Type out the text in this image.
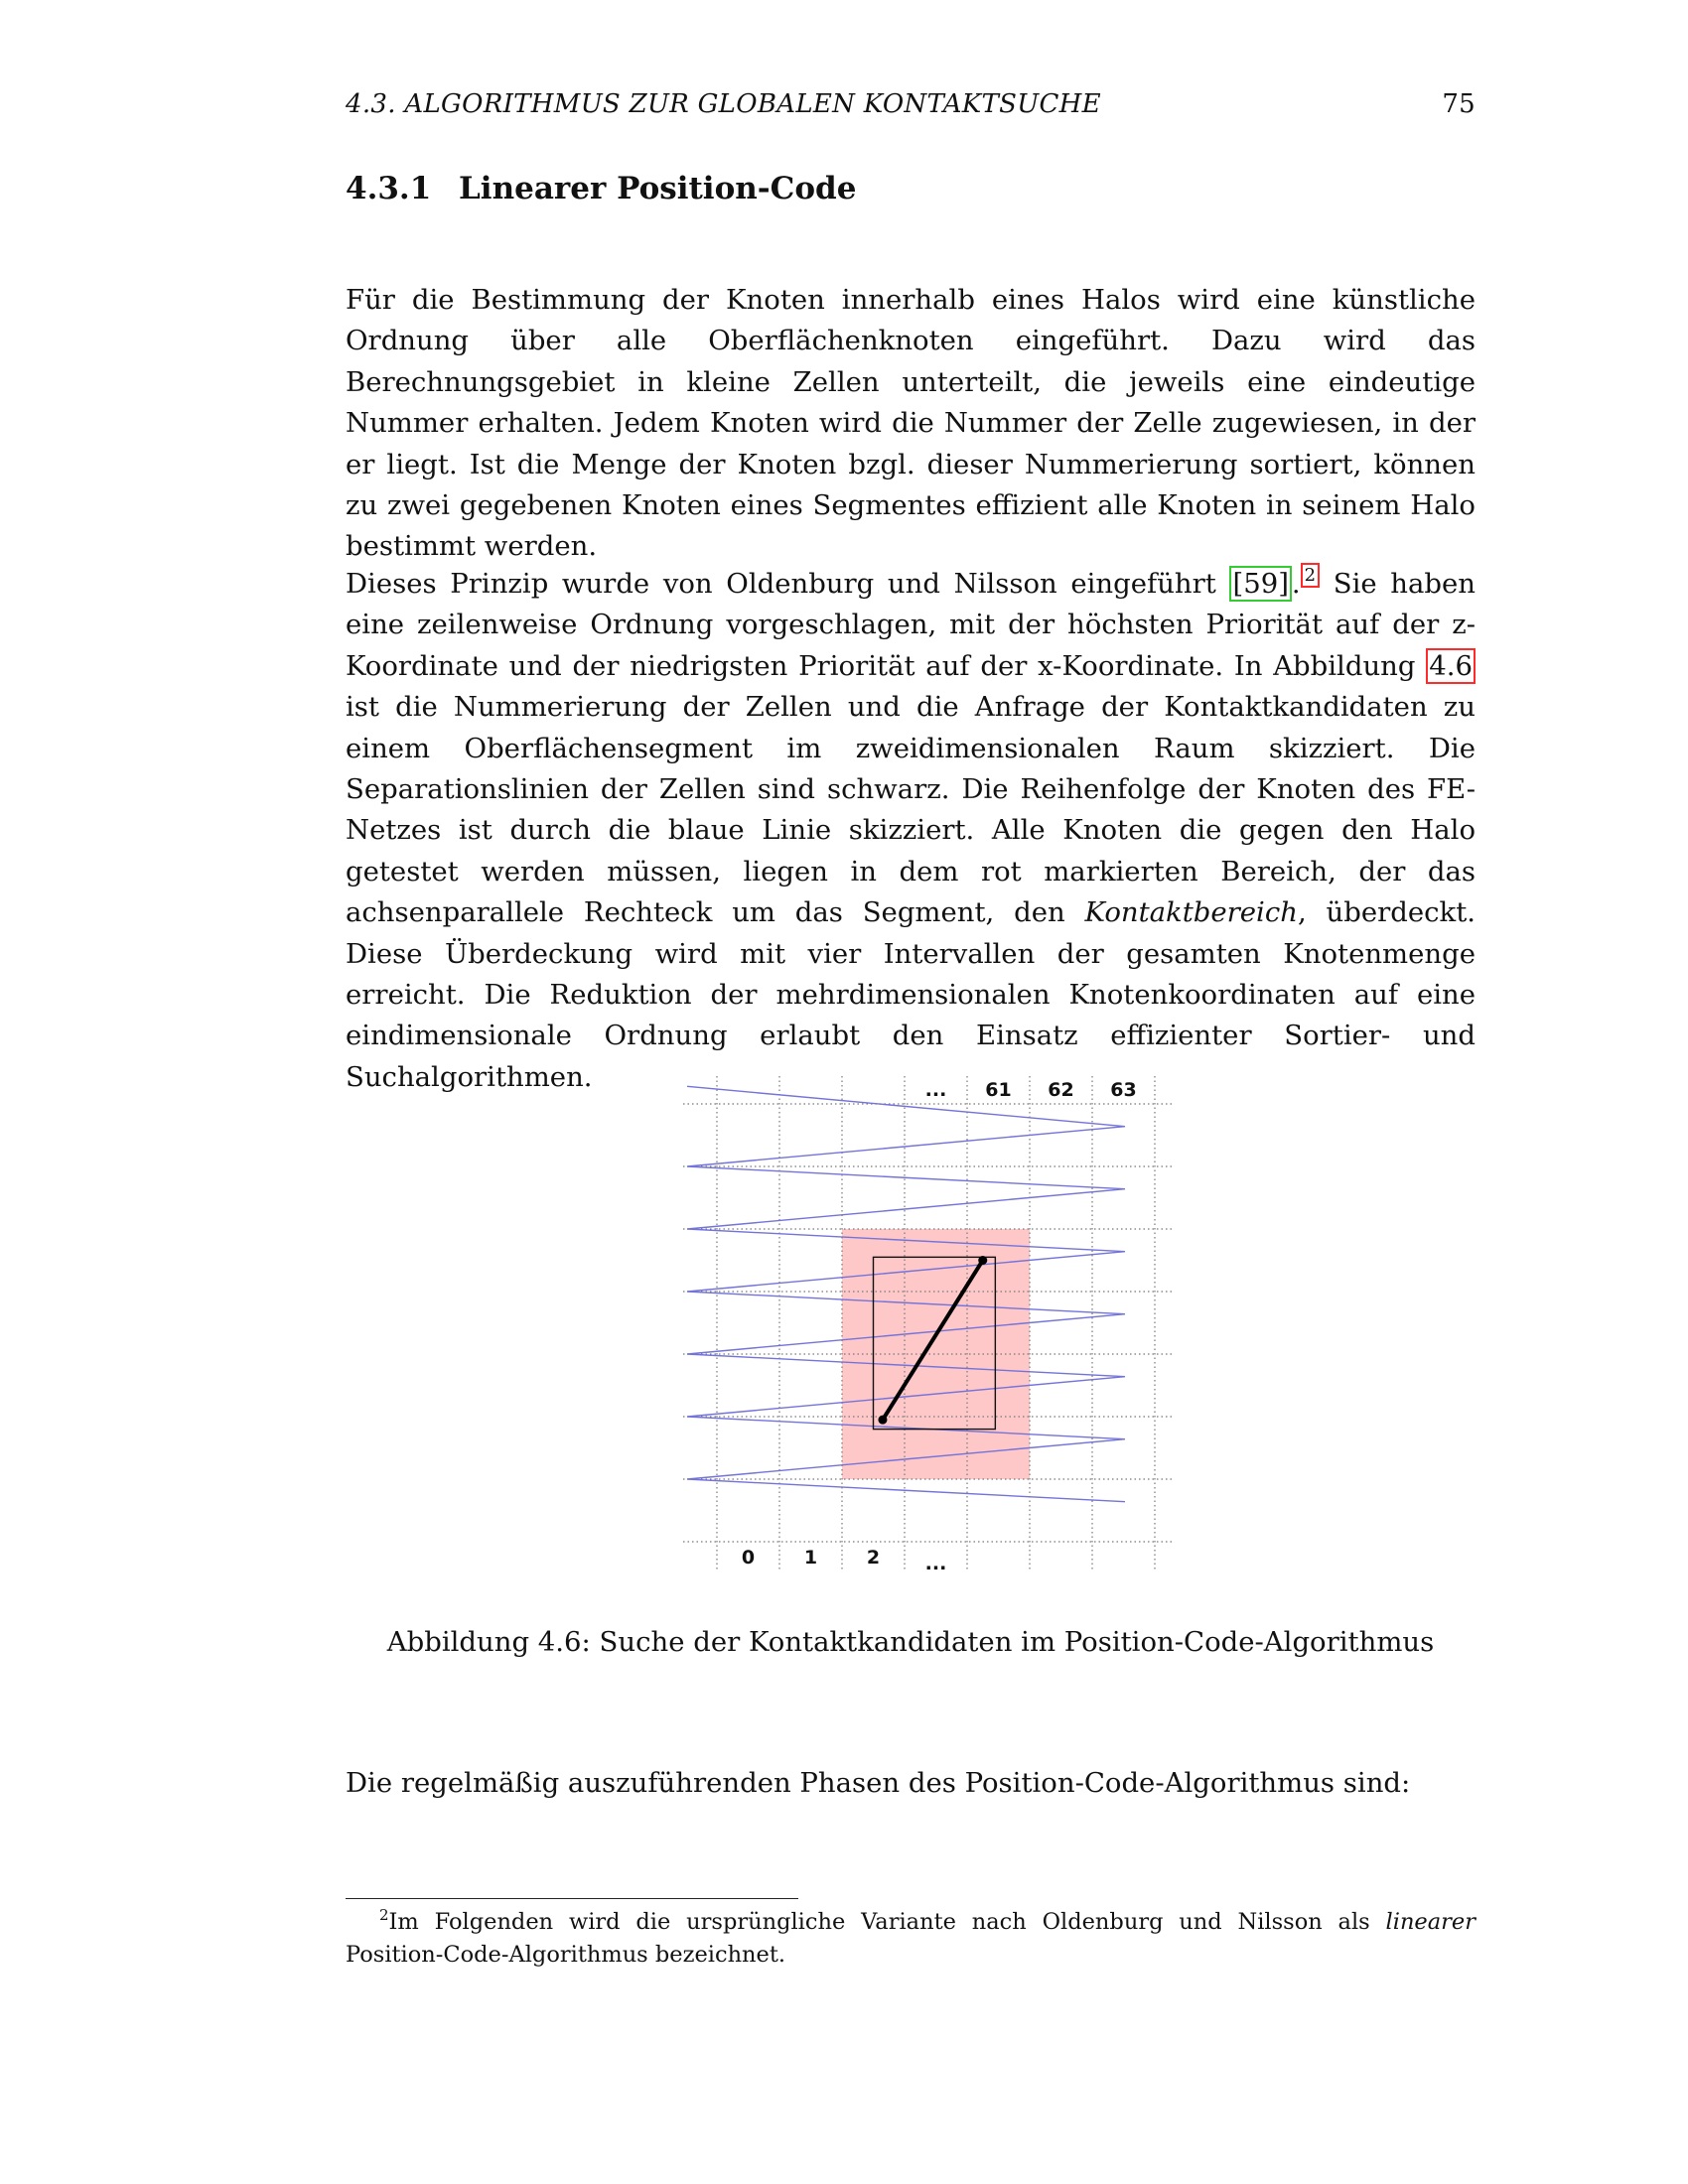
4.3. ALGORITHMUS ZUR GLOBALEN KONTAKTSUCHE	75
4.3.1 Linearer Position-Code

Für die Bestimmung der Knoten innerhalb eines Halos wird eine künstliche Ordnung über alle Oberflächenknoten eingeführt. Dazu wird das Berechnungsgebiet in kleine Zellen unterteilt, die jeweils eine eindeutige Nummer erhalten. Jedem Knoten wird die Nummer der Zelle zugewiesen, in der er liegt. Ist die Menge der Knoten bzgl. dieser Nummerierung sortiert, können zu zwei gegebenen Knoten eines Segmentes effizient alle Knoten in seinem Halo bestimmt werden.

Dieses Prinzip wurde von Oldenburg und Nilsson eingeführt [59] . $^2$ Sie haben eine zeilenweise Ordnung vorgeschlagen, mit der höchsten Priorität auf der z-Koordinate und der niedrigsten Priorität auf der x-Koordinate. In Abbildung 4.6 ist die Nummerierung der Zellen und die Anfrage der Kontaktkandidaten zu einem Oberflächensegment im zweidimensionalen Raum skizziert. Die Separationslinien der Zellen sind schwarz. Die Reihenfolge der Knoten des FE-Netzes ist durch die blaue Linie skizziert. Alle Knoten die gegen den Halo getestet werden müssen, liegen in dem rot markierten Bereich, der das achsenparallele Rechteck um das Segment, den Kontaktbereich, überdeckt. Diese Überdeckung wird mit vier Intervallen der gesamten Knotenmenge erreicht. Die Reduktion der mehrdimensionalen Knotenkoordinaten auf eine eindimensionale Ordnung erlaubt den Einsatz effizienter Sortier- und Suchalgorithmen.	... 61 62 63
0	1	2 ...
Abbildung 4.6: Suche der Kontaktkandidaten im Position-Code-Algorithmus

Die regelmäßig auszuführenden Phasen des Position-Code-Algorithmus sind:

$^2$Im Folgenden wird die ursprüngliche Variante nach Oldenburg und Nilsson als linearer Position-Code-Algorithmus bezeichnet.
